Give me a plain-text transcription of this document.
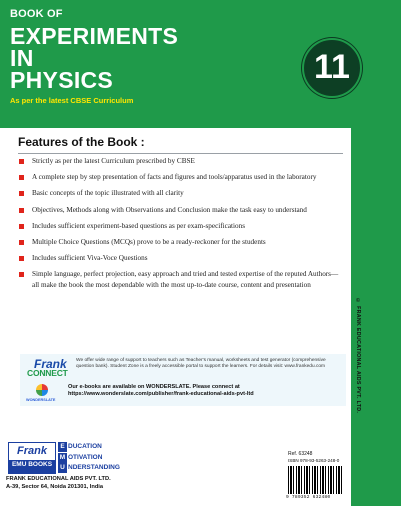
BOOK OF
EXPERIMENTS
IN
PHYSICS
As per the latest CBSE Curriculum
11
Features of the Book :
Strictly as per the latest Curriculum prescribed by CBSE
A complete step by step presentation of facts and figures and tools/apparatus used in the laboratory
Basic concepts of the topic illustrated with all clarity
Objectives, Methods along with Observations and Conclusion make the task easy to understand
Includes sufficient experiment-based questions as per exam-specifications
Multiple Choice Questions (MCQs) prove to be a ready-reckoner for the students
Includes sufficient Viva-Voce Questions
Simple language, perfect projection, easy approach and tried and tested expertise of the reputed Authors—all make the book the most dependable with the most up-to-date course, content and presentation
© FRANK EDUCATIONAL AIDS PVT. LTD.
Frank
CONNECT
We offer wide range of support to teachers such as Teacher's manual, worksheets and test generator (comprehensive question bank). Student Zone is a freely accessible portal to support the learners. For details visit: www.frankedu.com
WONDERSLATE
Our e-books are available on WONDERSLATE. Please connect at https://www.wonderslate.com/publisher/frank-educational-aids-pvt-ltd
Frank
EMU BOOKS
E DUCATION
M OTIVATION
U NDERSTANDING
FRANK EDUCATIONAL AIDS PVT. LTD.
A-39, Sector 64, Noida 201301, India
Ref. 63248
ISBN 978-93-5263-248-0
9 789352 632480
